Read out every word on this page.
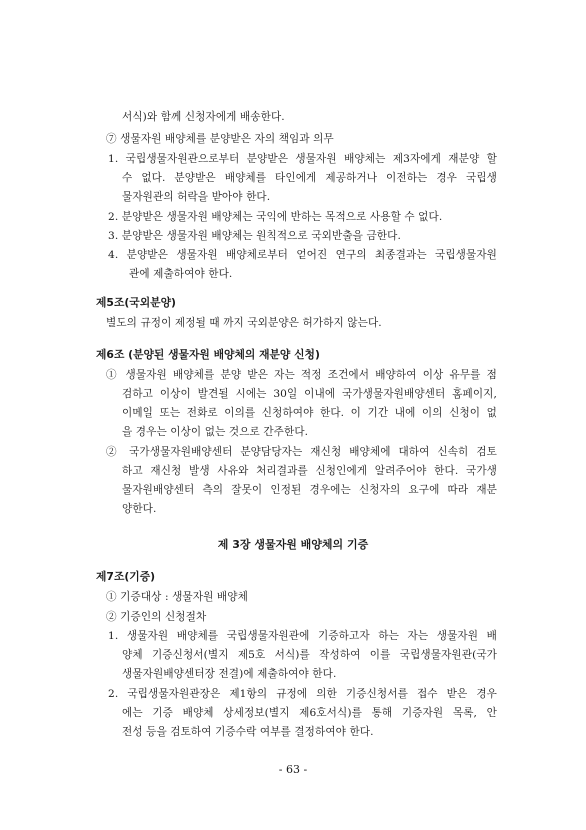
서식)와 함께 신청자에게 배송한다.
⑦ 생물자원 배양체를 분양받은 자의 책임과 의무
1. 국립생물자원관으로부터 분양받은 생물자원 배양체는 제3자에게 재분양 할
수 없다. 분양받은 배양체를 타인에게 제공하거나 이전하는 경우 국립생
물자원관의 허락을 받아야 한다.
2. 분양받은 생물자원 배양체는 국익에 반하는 목적으로 사용할 수 없다.
3. 분양받은 생물자원 배양체는 원칙적으로 국외반출을 금한다.
4. 분양받은 생물자원 배양체로부터 얻어진 연구의 최종결과는 국립생물자원
관에 제출하여야 한다.
제5조(국외분양)
별도의 규정이 제정될 때 까지 국외분양은 허가하지 않는다.
제6조 (분양된 생물자원 배양체의 재분양 신청)
① 생물자원 배양체를 분양 받은 자는 적정 조건에서 배양하여 이상 유무를 점
검하고 이상이 발견될 시에는 30일 이내에 국가생물자원배양센터 홈페이지,
이메일 또는 전화로 이의를 신청하여야 한다. 이 기간 내에 이의 신청이 없
을 경우는 이상이 없는 것으로 간주한다.
② 국가생물자원배양센터 분양담당자는 재신청 배양체에 대하여 신속히 검토
하고 재신청 발생 사유와 처리결과를 신청인에게 알려주어야 한다. 국가생
물자원배양센터 측의 잘못이 인정된 경우에는 신청자의 요구에 따라 재분
양한다.
제 3장 생물자원 배양체의 기증
제7조(기증)
① 기증대상 : 생물자원 배양체
② 기증인의 신청절차
1. 생물자원 배양체를 국립생물자원관에 기증하고자 하는 자는 생물자원 배
양체 기증신청서(별지 제5호 서식)를 작성하여 이를 국립생물자원관(국가
생물자원배양센터장 전결)에 제출하여야 한다.
2. 국립생물자원관장은 제1항의 규정에 의한 기증신청서를 접수 받은 경우
에는 기증 배양체 상세정보(별지 제6호서식)를 통해 기증자원 목록, 안
전성 등을 검토하여 기증수락 여부를 결정하여야 한다.
- 63 -
